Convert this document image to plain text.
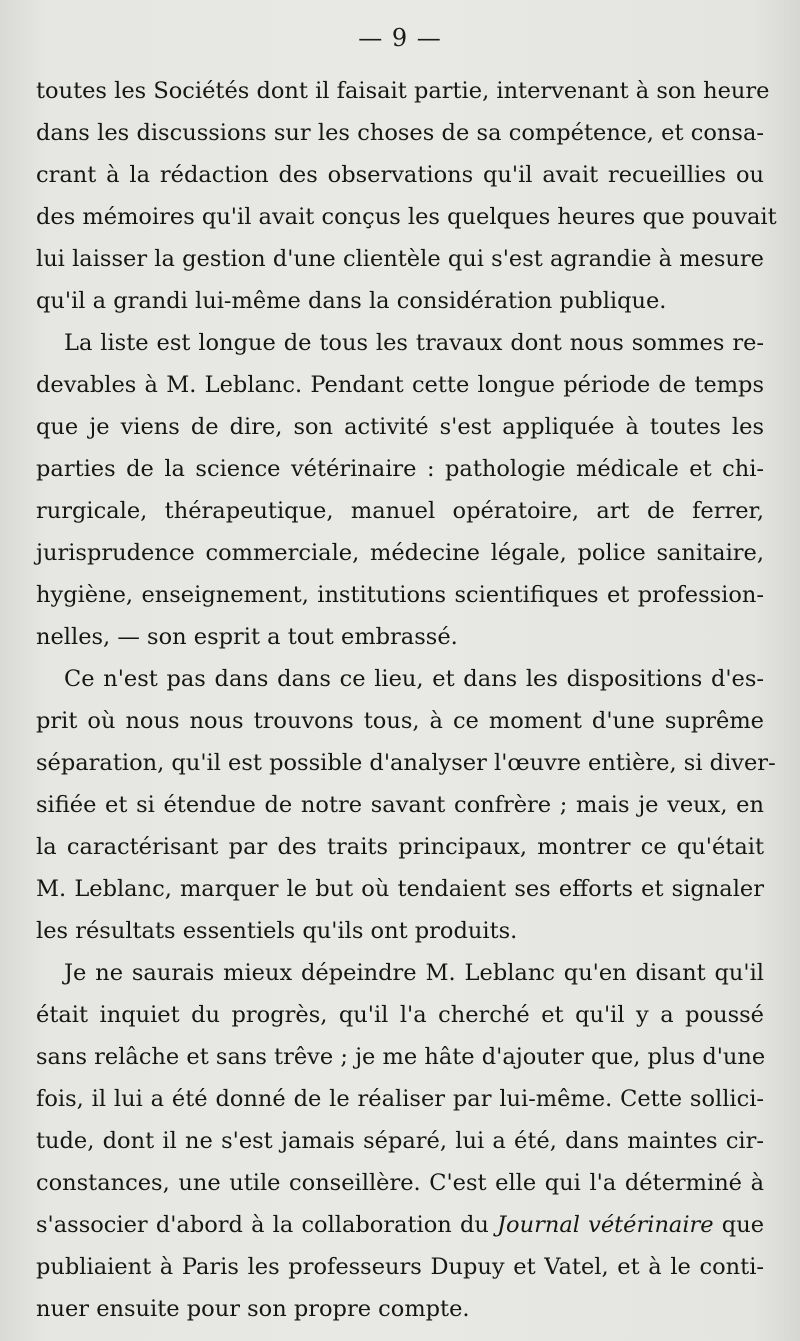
— 9 —
toutes les Sociétés dont il faisait partie, intervenant à son heure
dans les discussions sur les choses de sa compétence, et consa-
crant à la rédaction des observations qu'il avait recueillies ou
des mémoires qu'il avait conçus les quelques heures que pouvait
lui laisser la gestion d'une clientèle qui s'est agrandie à mesure
qu'il a grandi lui-même dans la considération publique.
La liste est longue de tous les travaux dont nous sommes re-
devables à M. Leblanc. Pendant cette longue période de temps
que je viens de dire, son activité s'est appliquée à toutes les
parties de la science vétérinaire : pathologie médicale et chi-
rurgicale, thérapeutique, manuel opératoire, art de ferrer,
jurisprudence commerciale, médecine légale, police sanitaire,
hygiène, enseignement, institutions scientifiques et profession-
nelles, — son esprit a tout embrassé.
Ce n'est pas dans dans ce lieu, et dans les dispositions d'es-
prit où nous nous trouvons tous, à ce moment d'une suprême
séparation, qu'il est possible d'analyser l'œuvre entière, si diver-
sifiée et si étendue de notre savant confrère ; mais je veux, en
la caractérisant par des traits principaux, montrer ce qu'était
M. Leblanc, marquer le but où tendaient ses efforts et signaler
les résultats essentiels qu'ils ont produits.
Je ne saurais mieux dépeindre M. Leblanc qu'en disant qu'il
était inquiet du progrès, qu'il l'a cherché et qu'il y a poussé
sans relâche et sans trêve ; je me hâte d'ajouter que, plus d'une
fois, il lui a été donné de le réaliser par lui-même. Cette sollici-
tude, dont il ne s'est jamais séparé, lui a été, dans maintes cir-
constances, une utile conseillère. C'est elle qui l'a déterminé à
s'associer d'abord à la collaboration du Journal vétérinaire que
publiaient à Paris les professeurs Dupuy et Vatel, et à le conti-
nuer ensuite pour son propre compte.
